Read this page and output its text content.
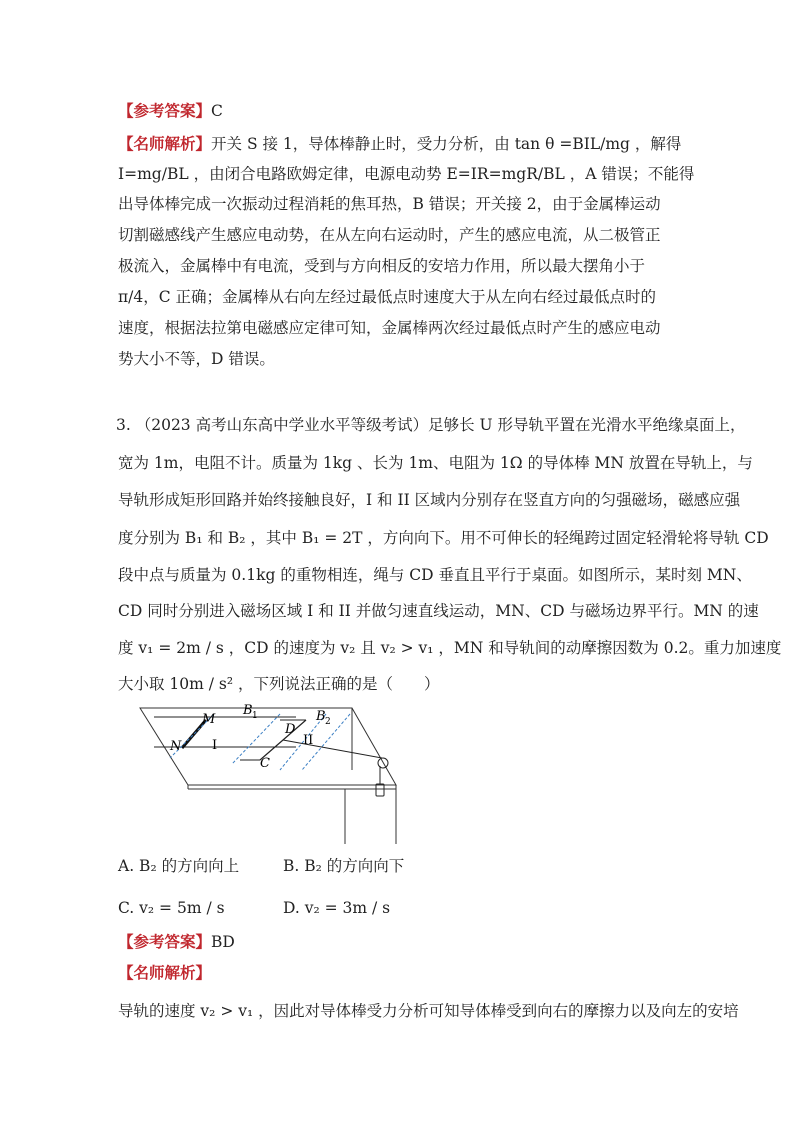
【参考答案】C
【名师解析】开关 S 接 1，导体棒静止时，受力分析，由 tan θ =BIL/mg ，解得
I=mg/BL ，由闭合电路欧姆定律，电源电动势 E=IR=mgR/BL ，A 错误；不能得
出导体棒完成一次振动过程消耗的焦耳热，B 错误；开关接 2，由于金属棒运动
切割磁感线产生感应电动势，在从左向右运动时，产生的感应电流，从二极管正
极流入，金属棒中有电流，受到与方向相反的安培力作用，所以最大摆角小于
π/4，C 正确；金属棒从右向左经过最低点时速度大于从左向右经过最低点时的
速度，根据法拉第电磁感应定律可知，金属棒两次经过最低点时产生的感应电动
势大小不等，D 错误。
3. （2023 高考山东高中学业水平等级考试）足够长 U 形导轨平置在光滑水平绝缘桌面上，
宽为 1m，电阻不计。质量为 1kg 、长为 1m、电阻为 1Ω 的导体棒 MN 放置在导轨上，与
导轨形成矩形回路并始终接触良好，I 和 II 区域内分别存在竖直方向的匀强磁场，磁感应强
度分别为 B₁ 和 B₂ ，其中 B₁ = 2T ，方向向下。用不可伸长的轻绳跨过固定轻滑轮将导轨 CD
段中点与质量为 0.1kg 的重物相连，绳与 CD 垂直且平行于桌面。如图所示，某时刻 MN、
CD 同时分别进入磁场区域 I 和 II 并做匀速直线运动，MN、CD 与磁场边界平行。MN 的速
度 v₁ = 2m / s ，CD 的速度为 v₂ 且 v₂ > v₁ ，MN 和导轨间的动摩擦因数为 0.2。重力加速度
大小取 10m / s² ，下列说法正确的是（　　）
M
N
D
C
B 1	B 2
I	II
A. B₂ 的方向向上	B. B₂ 的方向向下
C. v₂ = 5m / s	D. v₂ = 3m / s
【参考答案】BD
【名师解析】
导轨的速度 v₂ > v₁ ，因此对导体棒受力分析可知导体棒受到向右的摩擦力以及向左的安培
